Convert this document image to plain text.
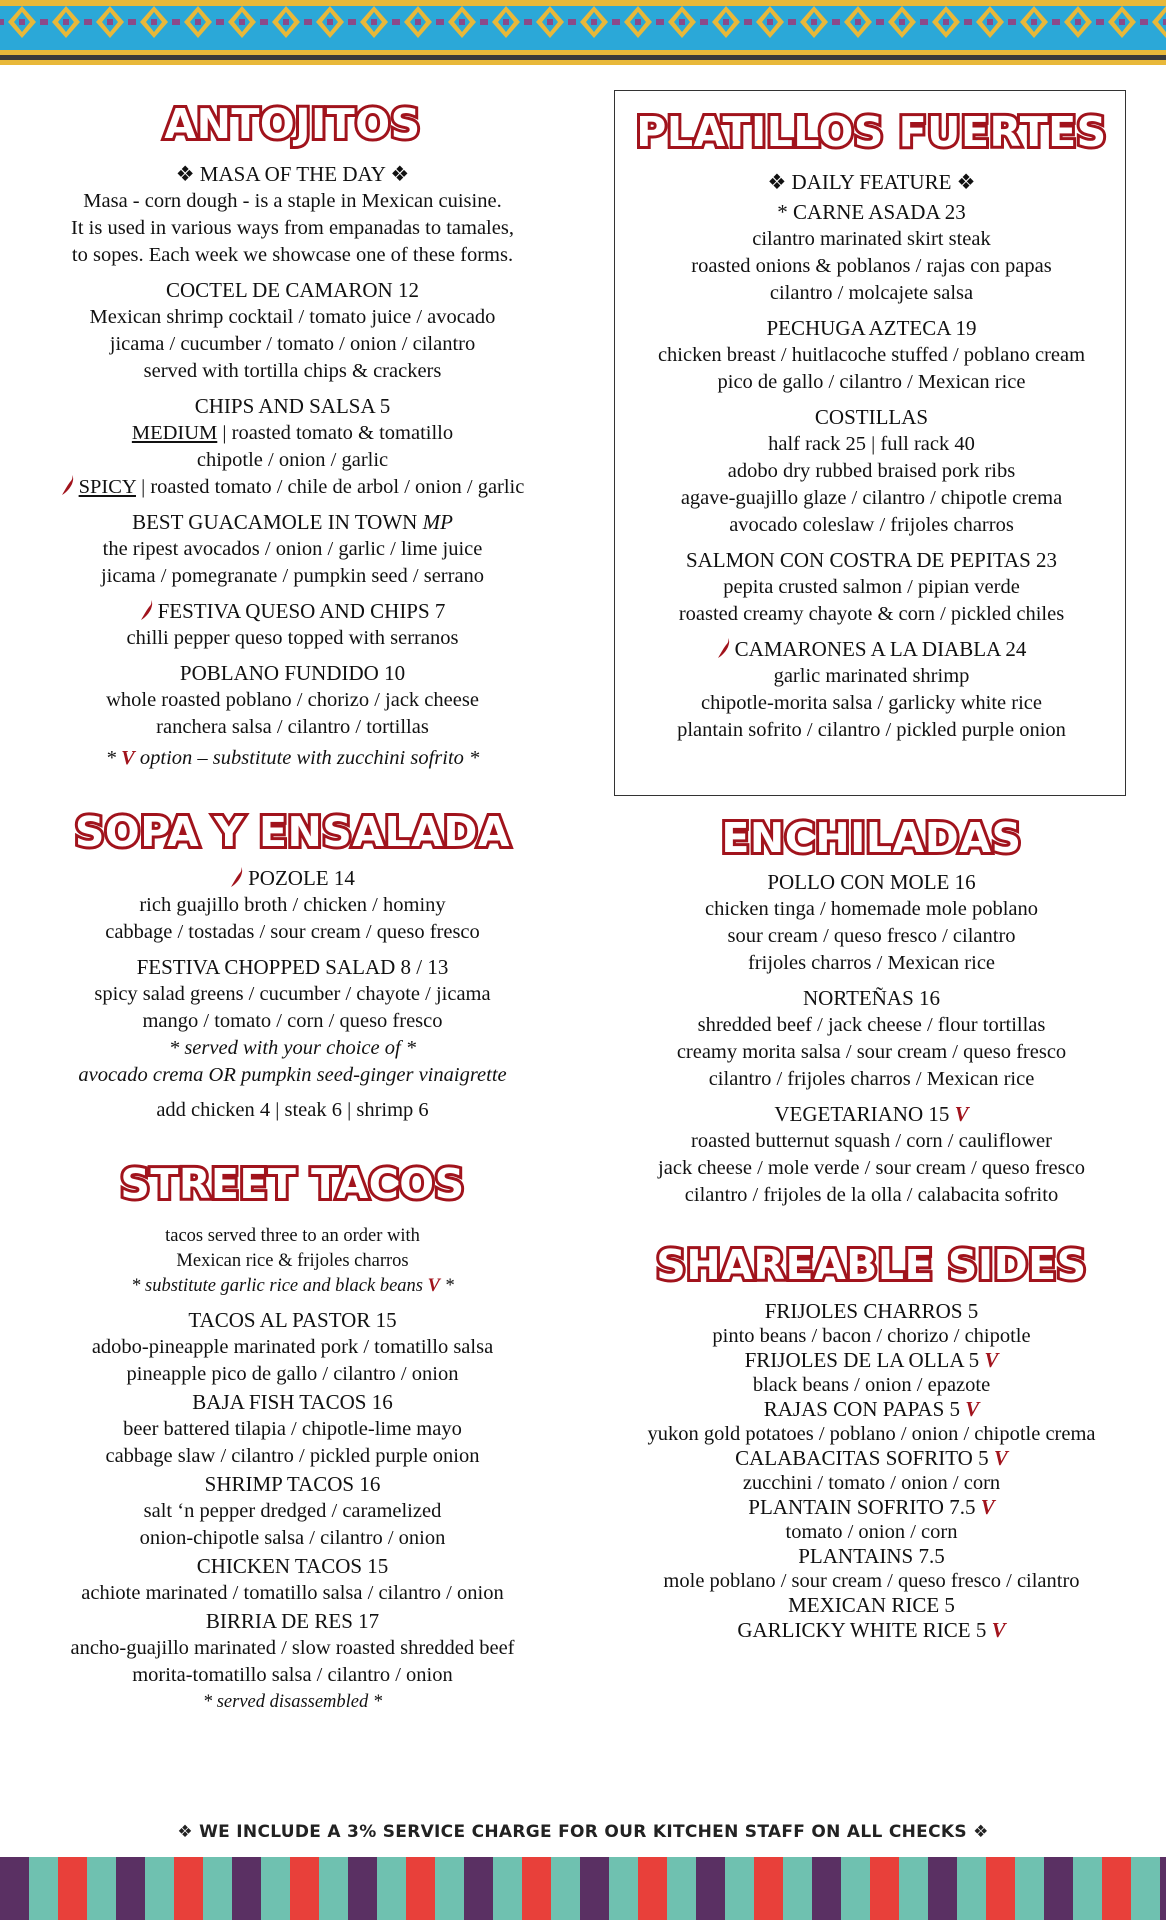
ANTOJITOS
❖ MASA OF THE DAY ❖
Masa - corn dough - is a staple in Mexican cuisine.
It is used in various ways from empanadas to tamales,
to sopes. Each week we showcase one of these forms.
COCTEL DE CAMARON 12
Mexican shrimp cocktail / tomato juice / avocado
jicama / cucumber / tomato / onion / cilantro
served with tortilla chips & crackers
CHIPS AND SALSA 5
MEDIUM | roasted tomato & tomatillo
chipotle / onion / garlic
SPICY | roasted tomato / chile de arbol / onion / garlic
BEST GUACAMOLE IN TOWN MP
the ripest avocados / onion / garlic / lime juice
jicama / pomegranate / pumpkin seed / serrano
FESTIVA QUESO AND CHIPS 7
chilli pepper queso topped with serranos
POBLANO FUNDIDO 10
whole roasted poblano / chorizo / jack cheese
ranchera salsa / cilantro / tortillas
* V option – substitute with zucchini sofrito *
SOPA Y ENSALADA
POZOLE 14
rich guajillo broth / chicken / hominy
cabbage / tostadas / sour cream / queso fresco
FESTIVA CHOPPED SALAD 8 / 13
spicy salad greens / cucumber / chayote / jicama
mango / tomato / corn / queso fresco
* served with your choice of *
avocado crema OR pumpkin seed-ginger vinaigrette
add chicken 4 | steak 6 | shrimp 6
STREET TACOS
tacos served three to an order with
Mexican rice & frijoles charros
* substitute garlic rice and black beans V *
TACOS AL PASTOR 15
adobo-pineapple marinated pork / tomatillo salsa
pineapple pico de gallo / cilantro / onion
BAJA FISH TACOS 16
beer battered tilapia / chipotle-lime mayo
cabbage slaw / cilantro / pickled purple onion
SHRIMP TACOS 16
salt ‘n pepper dredged / caramelized
onion-chipotle salsa / cilantro / onion
CHICKEN TACOS 15
achiote marinated / tomatillo salsa / cilantro / onion
BIRRIA DE RES 17
ancho-guajillo marinated / slow roasted shredded beef
morita-tomatillo salsa / cilantro / onion
* served disassembled *
PLATILLOS FUERTES
❖ DAILY FEATURE ❖
* CARNE ASADA 23
cilantro marinated skirt steak
roasted onions & poblanos / rajas con papas
cilantro / molcajete salsa
PECHUGA AZTECA 19
chicken breast / huitlacoche stuffed / poblano cream
pico de gallo / cilantro / Mexican rice
COSTILLAS
half rack 25 | full rack 40
adobo dry rubbed braised pork ribs
agave-guajillo glaze / cilantro / chipotle crema
avocado coleslaw / frijoles charros
SALMON CON COSTRA DE PEPITAS 23
pepita crusted salmon / pipian verde
roasted creamy chayote & corn / pickled chiles
CAMARONES A LA DIABLA 24
garlic marinated shrimp
chipotle-morita salsa / garlicky white rice
plantain sofrito / cilantro / pickled purple onion
ENCHILADAS
POLLO CON MOLE 16
chicken tinga / homemade mole poblano
sour cream / queso fresco / cilantro
frijoles charros / Mexican rice
NORTEÑAS 16
shredded beef / jack cheese / flour tortillas
creamy morita salsa / sour cream / queso fresco
cilantro / frijoles charros / Mexican rice
VEGETARIANO 15 V
roasted butternut squash / corn / cauliflower
jack cheese / mole verde / sour cream / queso fresco
cilantro / frijoles de la olla / calabacita sofrito
SHAREABLE SIDES
FRIJOLES CHARROS 5
pinto beans / bacon / chorizo / chipotle
FRIJOLES DE LA OLLA 5 V
black beans / onion / epazote
RAJAS CON PAPAS 5 V
yukon gold potatoes / poblano / onion / chipotle crema
CALABACITAS SOFRITO 5 V
zucchini / tomato / onion / corn
PLANTAIN SOFRITO 7.5 V
tomato / onion / corn
PLANTAINS 7.5
mole poblano / sour cream / queso fresco / cilantro
MEXICAN RICE 5
GARLICKY WHITE RICE 5 V
❖ WE INCLUDE A 3% SERVICE CHARGE FOR OUR KITCHEN STAFF ON ALL CHECKS ❖
